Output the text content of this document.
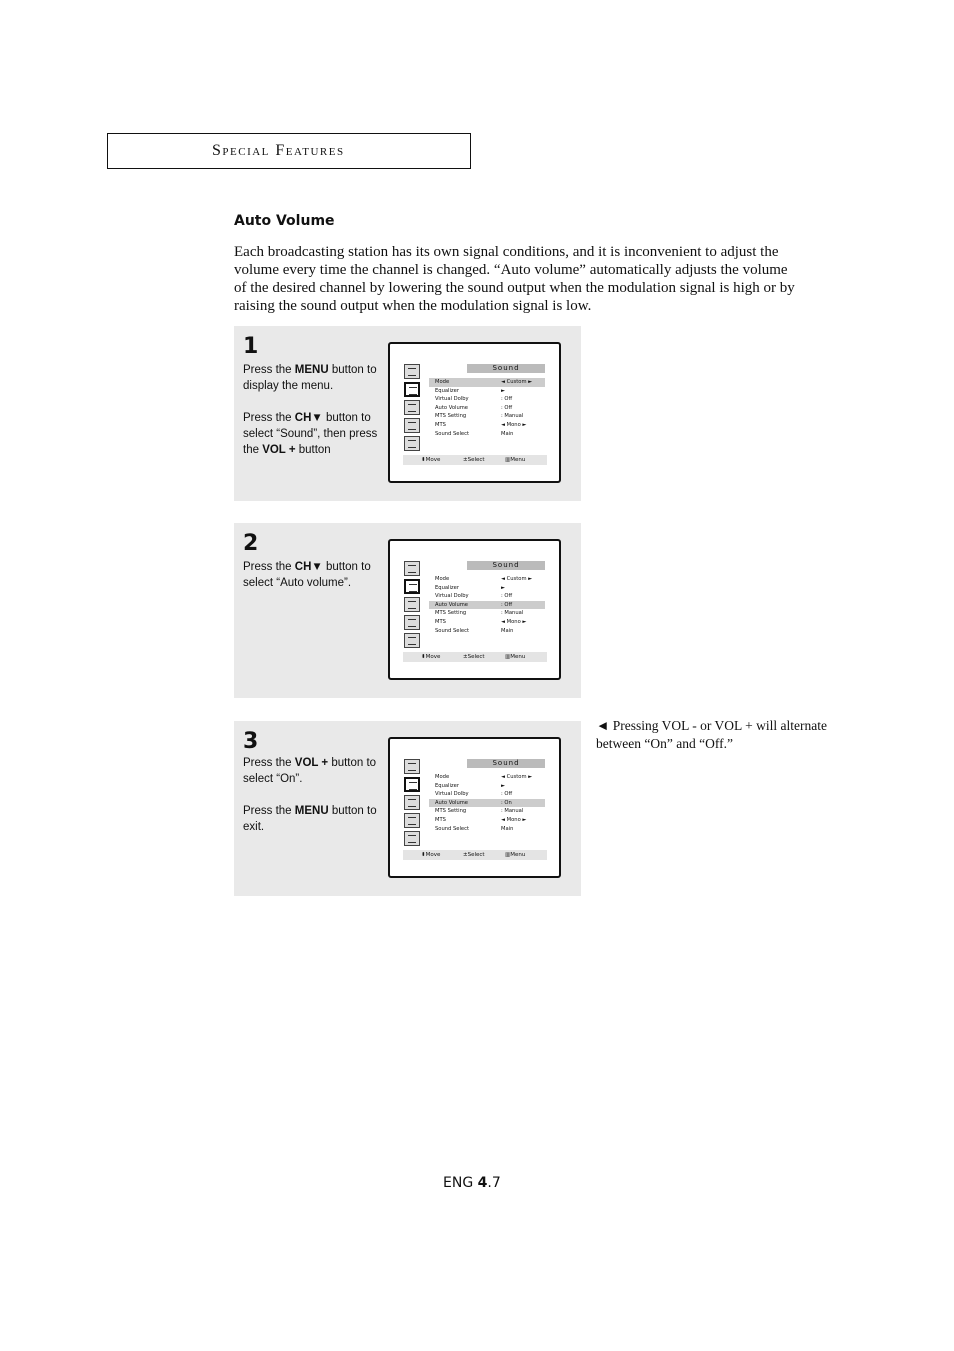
Special Features
Auto Volume

Each broadcasting station has its own signal conditions, and it is inconvenient to adjust the volume every time the channel is changed. “Auto volume” automatically adjusts the volume of the desired channel by lowering the sound output when the modulation signal is high or by raising the sound output when the modulation signal is low.

1

Press the MENU button to display the menu.

Press the CH▼ button to select “Sound”, then press the VOL + button

Sound
Mode	◄ Custom ►
Equalizer	►
Virtual Dolby	: Off
Auto Volume	: Off
MTS Setting	: Manual
MTS	◄ Mono ►
Sound Select	Main
⬍ Move	± Select	▥ Menu
2

Press the CH▼ button to select “Auto volume”.

Sound
Mode	◄ Custom ►
Equalizer	►
Virtual Dolby	: Off
Auto Volume	: Off
MTS Setting	: Manual
MTS	◄ Mono ►
Sound Select	Main
⬍ Move	± Select	▥ Menu
3

Press the VOL + button to select “On”.

Press the MENU button to exit.

Sound
Mode	◄ Custom ►
Equalizer	►
Virtual Dolby	: Off
Auto Volume	: On
MTS Setting	: Manual
MTS	◄ Mono ►
Sound Select	Main
⬍ Move	± Select	▥ Menu

◄ Pressing VOL - or VOL + will alternate between “On” and “Off.”

ENG 4.7
